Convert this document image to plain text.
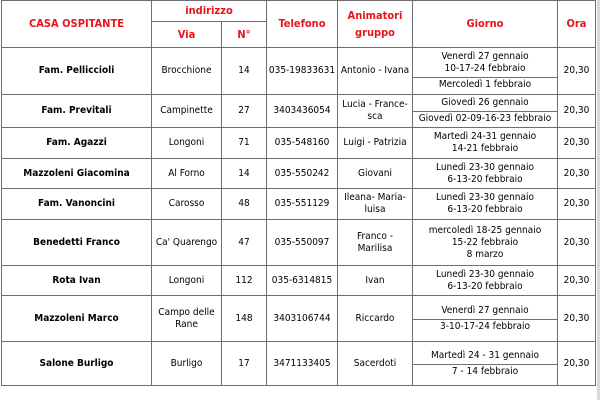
CASA OSPITANTE	indirizzo		Telefono	Animatori gruppo	Giorno	Ora
	Via	N°				
Fam. Pelliccioli	Brocchione	14	035-19833631	Antonio - Ivana	Venerdì 27 gennaio
10-17-24 febbraio
Mercoledì 1 febbraio	20,30
Fam. Previtali	Campinette	27	3403436054	Lucia - France-sca	Giovedì 26 gennaio
Giovedì 02-09-16-23 febbraio	20,30
Fam. Agazzi	Longoni	71	035-548160	Luigi - Patrizia	Martedì 24-31 gennaio
14-21 febbraio	20,30
Mazzoleni Giacomina	Al Forno	14	035-550242	Giovani	Lunedì 23-30 gennaio
6-13-20 febbraio	20,30
Fam. Vanoncini	Carosso	48	035-551129	Ileana- Maria-luisa	Lunedì 23-30 gennaio
6-13-20 febbraio	20,30
Benedetti Franco	Ca' Quarengo	47	035-550097	Franco - Marilisa	mercoledì 18-25 gennaio
15-22 febbraio
8 marzo	20,30
Rota Ivan	Longoni	112	035-6314815	Ivan	Lunedì 23-30 gennaio
6-13-20 febbraio	20,30
Mazzoleni Marco	Campo delle Rane	148	3403106744	Riccardo	Venerdì 27 gennaio
3-10-17-24 febbraio	20,30
Salone Burligo	Burligo	17	3471133405	Sacerdoti	Martedì 24 - 31 gennaio
7 - 14 febbraio	20,30
